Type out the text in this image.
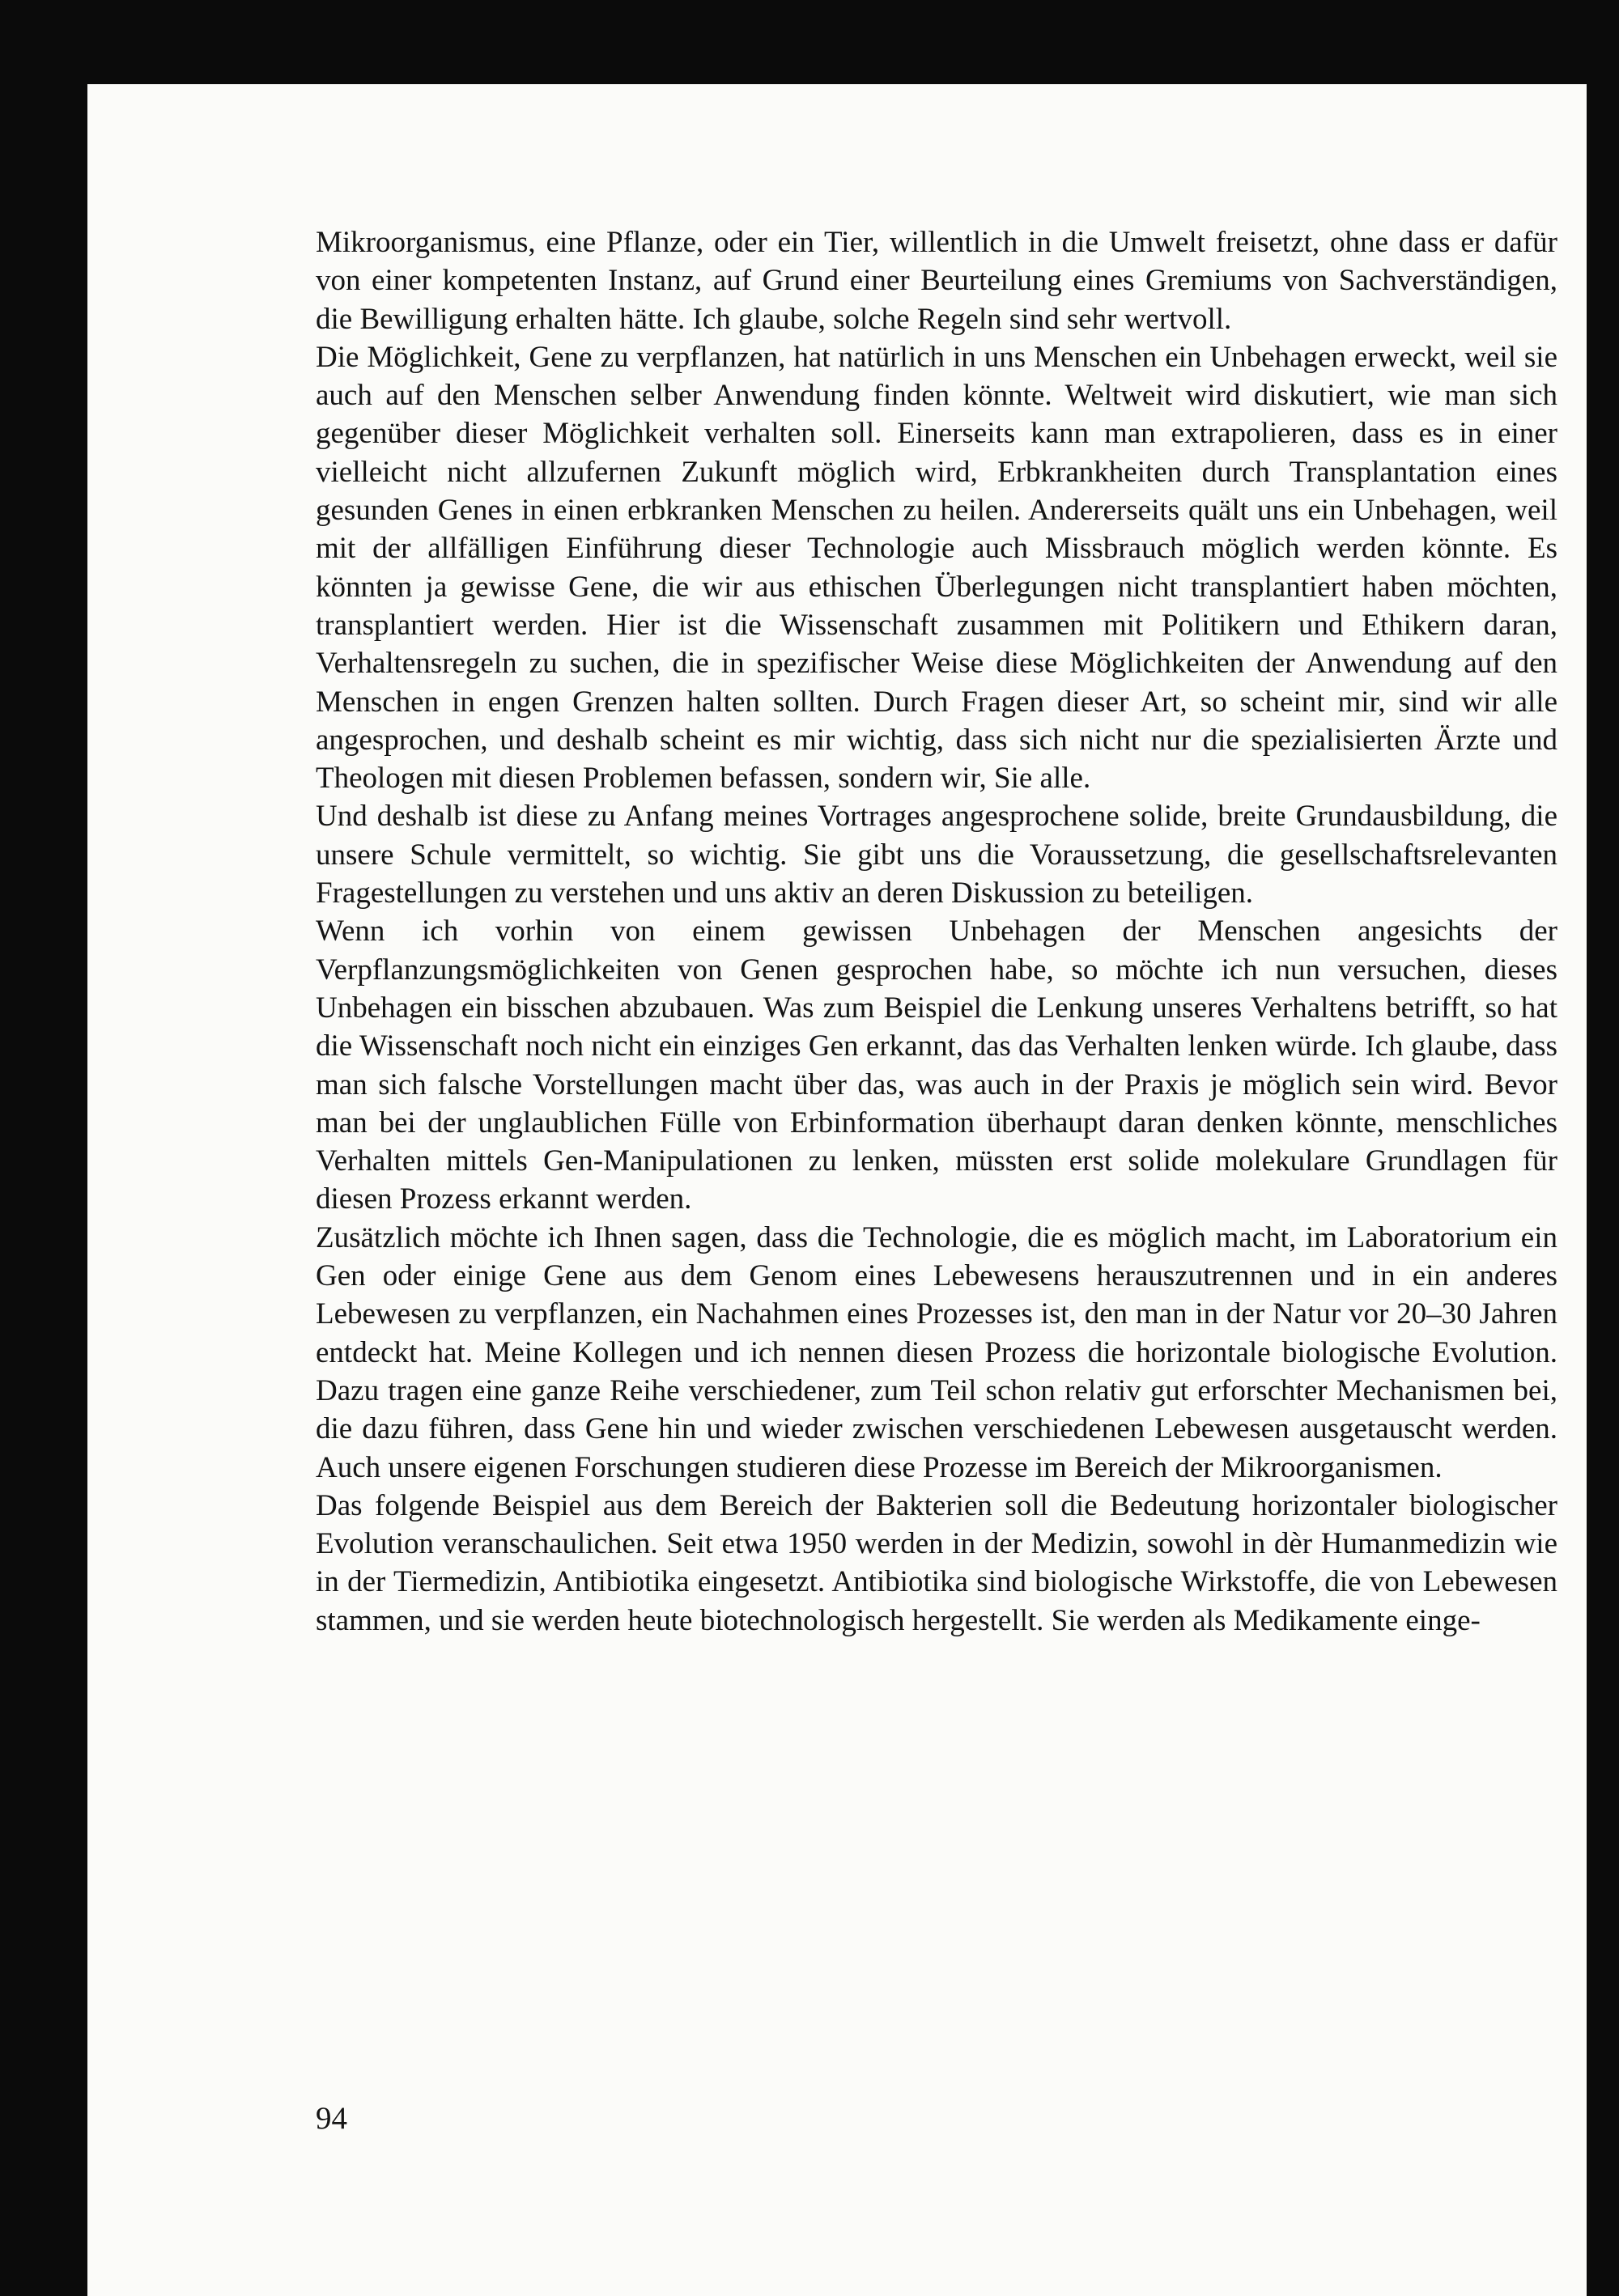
Mikroorganismus, eine Pflanze, oder ein Tier, willentlich in die Umwelt freisetzt, ohne dass er dafür von einer kompetenten Instanz, auf Grund einer Beurteilung eines Gremiums von Sachverständigen, die Bewilligung erhalten hätte. Ich glaube, solche Regeln sind sehr wertvoll.

Die Möglichkeit, Gene zu verpflanzen, hat natürlich in uns Menschen ein Unbehagen erweckt, weil sie auch auf den Menschen selber Anwendung finden könnte. Weltweit wird diskutiert, wie man sich gegenüber dieser Möglichkeit verhalten soll. Einerseits kann man extrapolieren, dass es in einer vielleicht nicht allzufernen Zukunft möglich wird, Erbkrankheiten durch Transplantation eines gesunden Genes in einen erbkranken Menschen zu heilen. Andererseits quält uns ein Unbehagen, weil mit der allfälligen Einführung dieser Technologie auch Missbrauch möglich werden könnte. Es könnten ja gewisse Gene, die wir aus ethischen Überlegungen nicht transplantiert haben möchten, transplantiert werden. Hier ist die Wissenschaft zusammen mit Politikern und Ethikern daran, Verhaltensregeln zu suchen, die in spezifischer Weise diese Möglichkeiten der Anwendung auf den Menschen in engen Grenzen halten sollten. Durch Fragen dieser Art, so scheint mir, sind wir alle angesprochen, und deshalb scheint es mir wichtig, dass sich nicht nur die spezialisierten Ärzte und Theologen mit diesen Problemen befassen, sondern wir, Sie alle.

Und deshalb ist diese zu Anfang meines Vortrages angesprochene solide, breite Grundausbildung, die unsere Schule vermittelt, so wichtig. Sie gibt uns die Voraussetzung, die gesellschaftsrelevanten Fragestellungen zu verstehen und uns aktiv an deren Diskussion zu beteiligen.

Wenn ich vorhin von einem gewissen Unbehagen der Menschen angesichts der Verpflanzungsmöglichkeiten von Genen gesprochen habe, so möchte ich nun versuchen, dieses Unbehagen ein bisschen abzubauen. Was zum Beispiel die Lenkung unseres Verhaltens betrifft, so hat die Wissenschaft noch nicht ein einziges Gen erkannt, das das Verhalten lenken würde. Ich glaube, dass man sich falsche Vorstellungen macht über das, was auch in der Praxis je möglich sein wird. Bevor man bei der unglaublichen Fülle von Erbinformation überhaupt daran denken könnte, menschliches Verhalten mittels Gen-Manipulationen zu lenken, müssten erst solide molekulare Grundlagen für diesen Prozess erkannt werden.

Zusätzlich möchte ich Ihnen sagen, dass die Technologie, die es möglich macht, im Laboratorium ein Gen oder einige Gene aus dem Genom eines Lebewesens herauszutrennen und in ein anderes Lebewesen zu verpflanzen, ein Nachahmen eines Prozesses ist, den man in der Natur vor 20–30 Jahren entdeckt hat. Meine Kollegen und ich nennen diesen Prozess die horizontale biologische Evolution. Dazu tragen eine ganze Reihe verschiedener, zum Teil schon relativ gut erforschter Mechanismen bei, die dazu führen, dass Gene hin und wieder zwischen verschiedenen Lebewesen ausgetauscht werden. Auch unsere eigenen Forschungen studieren diese Prozesse im Bereich der Mikroorganismen.

Das folgende Beispiel aus dem Bereich der Bakterien soll die Bedeutung horizontaler biologischer Evolution veranschaulichen. Seit etwa 1950 werden in der Medizin, sowohl in dèr Humanmedizin wie in der Tiermedizin, Antibiotika eingesetzt. Antibiotika sind biologische Wirkstoffe, die von Lebewesen stammen, und sie werden heute biotechnologisch hergestellt. Sie werden als Medikamente einge-

94
